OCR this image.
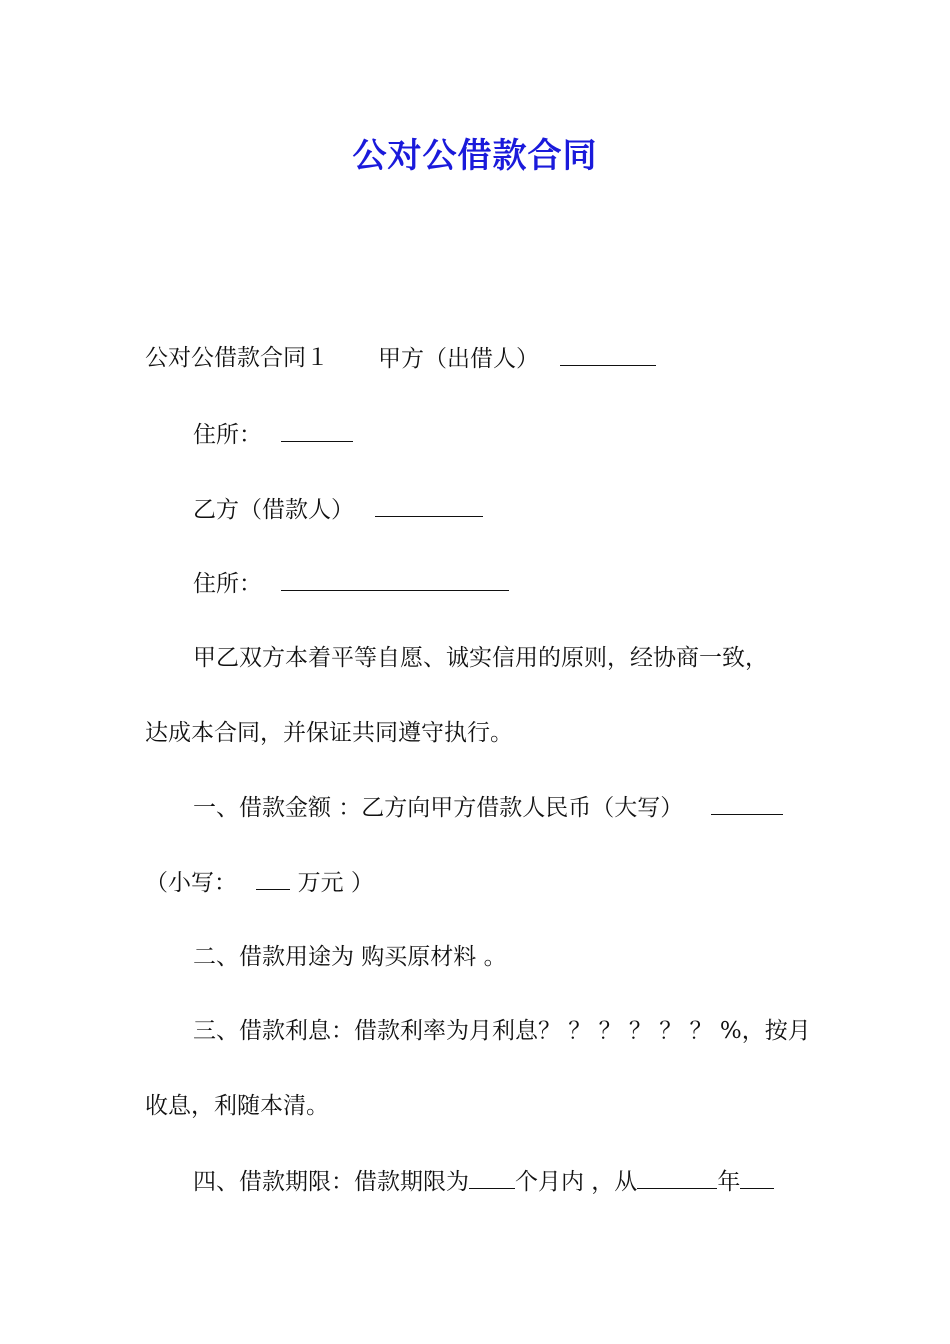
公对公借款合同
公对公借款合同１ 甲方（出借人）
住所：
乙方（借款人）
住所：
甲乙双方本着平等自愿、诚实信用的原则，经协商一致，
达成本合同，并保证共同遵守执行。
一、借款金额 ：乙方向甲方借款人民币（大写）
（小写：	万元 ）
二、借款用途为 购买原材料 。
三、借款利息：借款利率为月利息？ ？ ？ ？ ？ ？ %，按月
收息，利随本清。
四、借款期限：借款期限为 个月内 ，从	年
